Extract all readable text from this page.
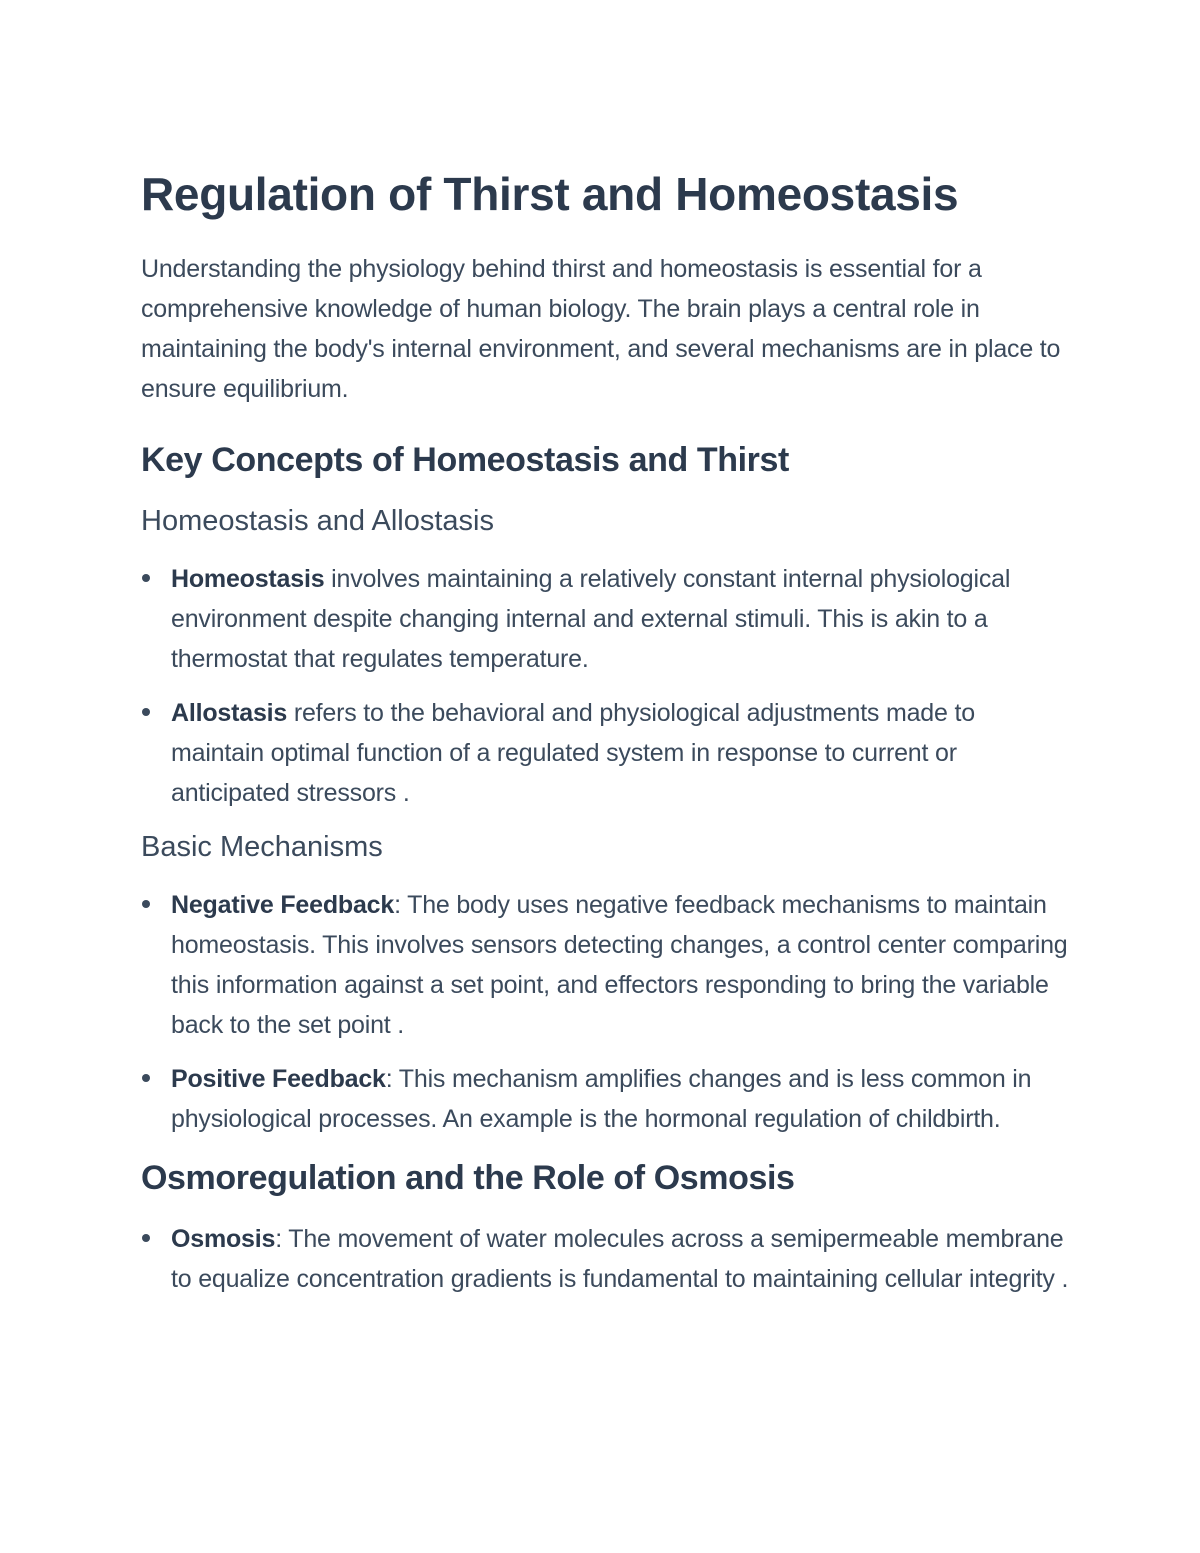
Regulation of Thirst and Homeostasis

Understanding the physiology behind thirst and homeostasis is essential for a comprehensive knowledge of human biology. The brain plays a central role in maintaining the body's internal environment, and several mechanisms are in place to ensure equilibrium.

Key Concepts of Homeostasis and Thirst
Homeostasis and Allostasis
Homeostasis involves maintaining a relatively constant internal physiological environment despite changing internal and external stimuli. This is akin to a thermostat that regulates temperature.
Allostasis refers to the behavioral and physiological adjustments made to maintain optimal function of a regulated system in response to current or anticipated stressors .
Basic Mechanisms
Negative Feedback: The body uses negative feedback mechanisms to maintain homeostasis. This involves sensors detecting changes, a control center comparing this information against a set point, and effectors responding to bring the variable back to the set point .
Positive Feedback: This mechanism amplifies changes and is less common in physiological processes. An example is the hormonal regulation of childbirth.
Osmoregulation and the Role of Osmosis
Osmosis: The movement of water molecules across a semipermeable membrane to equalize concentration gradients is fundamental to maintaining cellular integrity .
